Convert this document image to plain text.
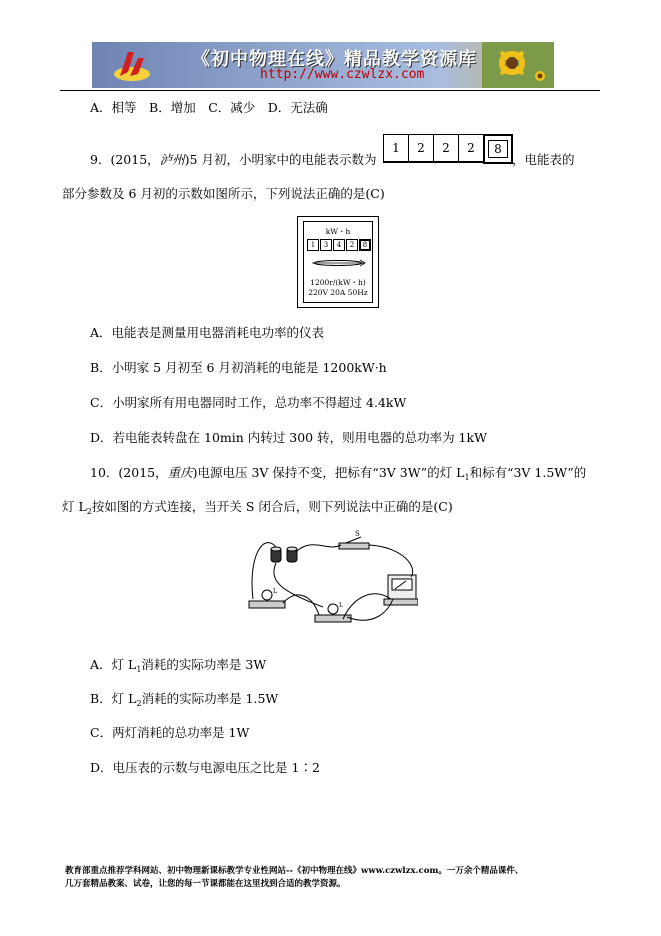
《初中物理在线》精品教学资源库
http://www.czwlzx.com
A．相等　B．增加　C．减少　D．无法确
9．(2015，泸州)5 月初，小明家中的电能表示数为
1	2	2	2	8
，电能表的
部分参数及 6 月初的示数如图所示，下列说法正确的是(C)
kW・h
1	3	4	2	8
1200r/(kW・h)
220V 20A 50Hz
A．电能表是测量用电器消耗电功率的仪表
B．小明家 5 月初至 6 月初消耗的电能是 1200kW·h
C．小明家所有用电器同时工作，总功率不得超过 4.4kW
D．若电能表转盘在 10min 内转过 300 转，则用电器的总功率为 1kW
10．(2015，重庆)电源电压 3V 保持不变，把标有“3V 3W”的灯 $L_1$和标有“3V 1.5W”的
灯 $L_2$按如图的方式连接，当开关 S 闭合后，则下列说法中正确的是(C)
S
L
L
A．灯 $L_1$消耗的实际功率是 3W
B．灯 $L_2$消耗的实际功率是 1.5W
C．两灯消耗的总功率是 1W
D．电压表的示数与电源电压之比是 1∶2
教育部重点推荐学科网站、初中物理新课标教学专业性网站--《初中物理在线》www.czwlzx.com。一万余个精品课件、
几万套精品教案、试卷，让您的每一节课都能在这里找到合适的教学资源。
